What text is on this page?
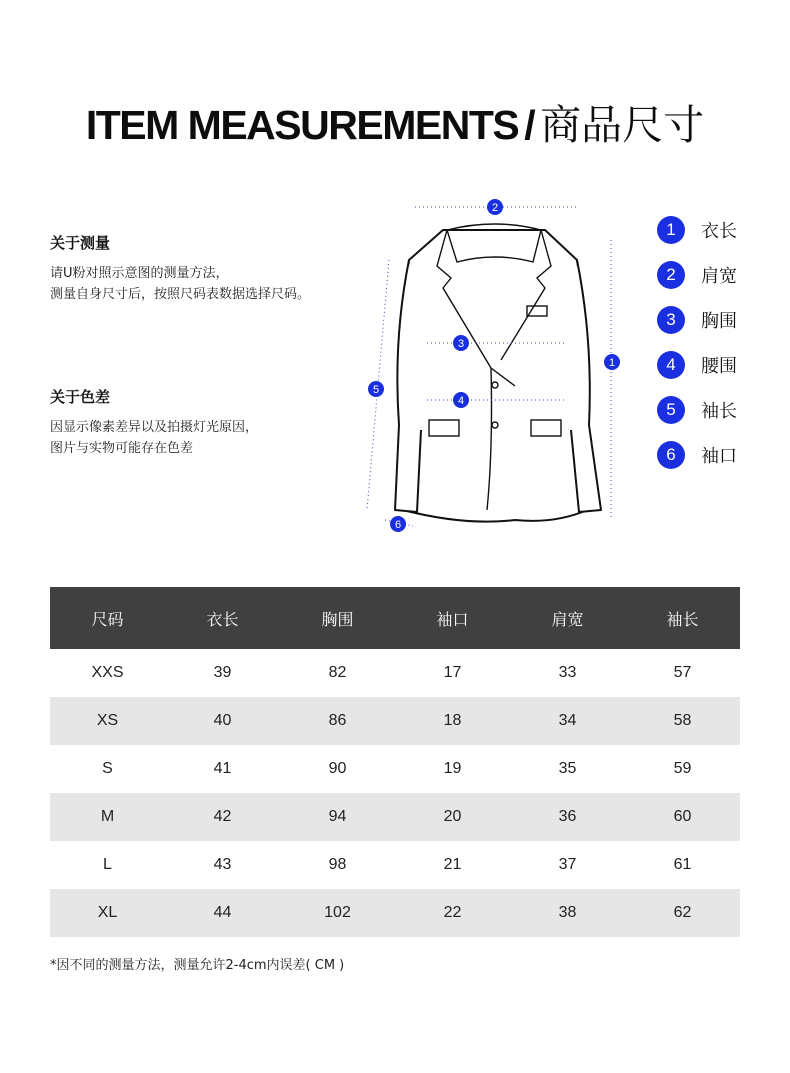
ITEM MEASUREMENTS / 商品尺寸
关于测量

请U粉对照示意图的测量方法，

测量自身尺寸后，按照尺码表数据选择尺码。

关于色差

因显示像素差异以及拍摄灯光原因，

图片与实物可能存在色差

1
2
3
4
5
6
1	衣长
2	肩宽
3	胸围
4	腰围
5	袖长
6	袖口
尺码	衣长	胸围	袖口	肩宽	袖长
XXS	39	82	17	33	57
XS	40	86	18	34	58
S	41	90	19	35	59
M	42	94	20	36	60
L	43	98	21	37	61
XL	44	102	22	38	62
*因不同的测量方法，测量允许2-4cm内误差( CM )
